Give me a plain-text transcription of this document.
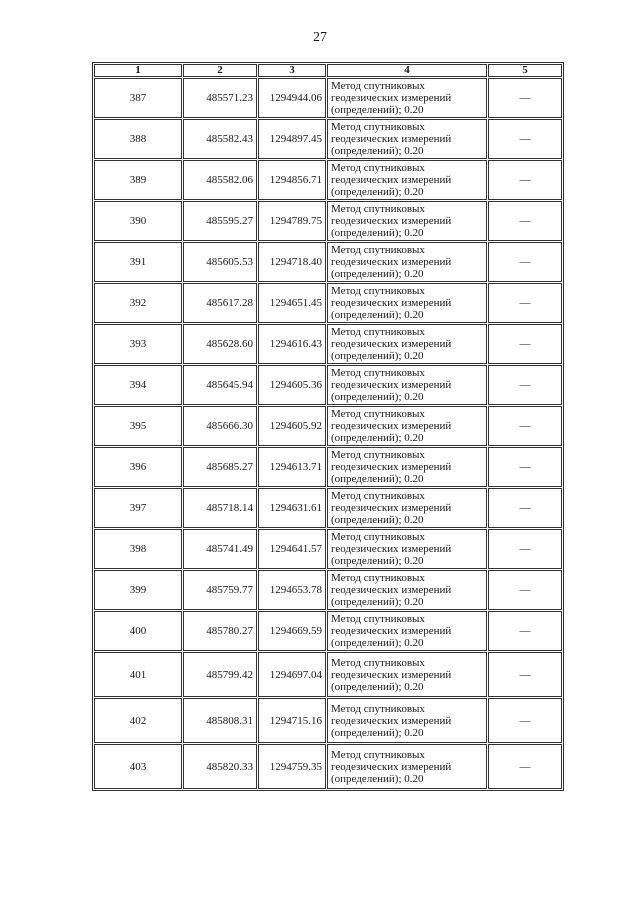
27
1	2	3	4	5
387	485571.23	1294944.06	Метод спутниковых
геодезических измерений
(определений); 0.20	—
388	485582.43	1294897.45	Метод спутниковых
геодезических измерений
(определений); 0.20	—
389	485582.06	1294856.71	Метод спутниковых
геодезических измерений
(определений); 0.20	—
390	485595.27	1294789.75	Метод спутниковых
геодезических измерений
(определений); 0.20	—
391	485605.53	1294718.40	Метод спутниковых
геодезических измерений
(определений); 0.20	—
392	485617.28	1294651.45	Метод спутниковых
геодезических измерений
(определений); 0.20	—
393	485628.60	1294616.43	Метод спутниковых
геодезических измерений
(определений); 0.20	—
394	485645.94	1294605.36	Метод спутниковых
геодезических измерений
(определений); 0.20	—
395	485666.30	1294605.92	Метод спутниковых
геодезических измерений
(определений); 0.20	—
396	485685.27	1294613.71	Метод спутниковых
геодезических измерений
(определений); 0.20	—
397	485718.14	1294631.61	Метод спутниковых
геодезических измерений
(определений); 0.20	—
398	485741.49	1294641.57	Метод спутниковых
геодезических измерений
(определений); 0.20	—
399	485759.77	1294653.78	Метод спутниковых
геодезических измерений
(определений); 0.20	—
400	485780.27	1294669.59	Метод спутниковых
геодезических измерений
(определений); 0.20	—
401	485799.42	1294697.04	Метод спутниковых
геодезических измерений
(определений); 0.20	—
402	485808.31	1294715.16	Метод спутниковых
геодезических измерений
(определений); 0.20	—
403	485820.33	1294759.35	Метод спутниковых
геодезических измерений
(определений); 0.20	—
